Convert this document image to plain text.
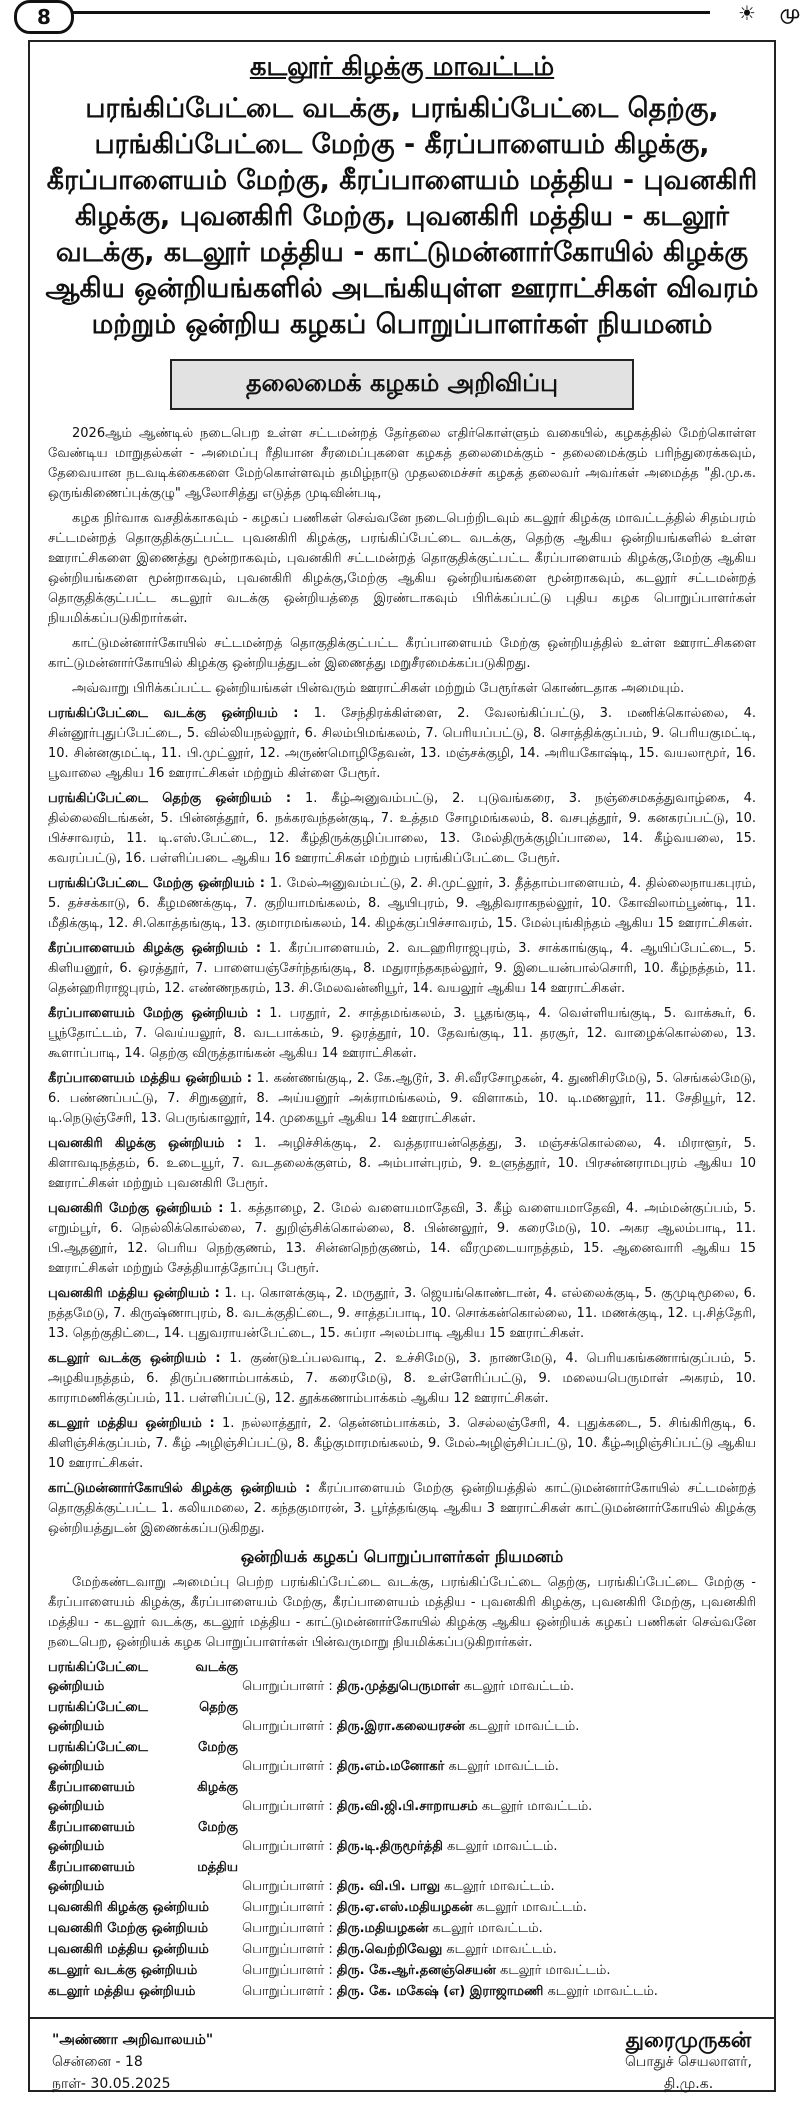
8	☀	மு
கடலூர் கிழக்கு மாவட்டம்
பரங்கிப்பேட்டை வடக்கு, பரங்கிப்பேட்டை தெற்கு, பரங்கிப்பேட்டை மேற்கு - கீரப்பாளையம் கிழக்கு, கீரப்பாளையம் மேற்கு, கீரப்பாளையம் மத்திய - புவனகிரி கிழக்கு, புவனகிரி மேற்கு, புவனகிரி மத்திய - கடலூர் வடக்கு, கடலூர் மத்திய - காட்டுமன்னார்கோயில் கிழக்கு ஆகிய ஒன்றியங்களில் அடங்கியுள்ள ஊராட்சிகள் விவரம் மற்றும் ஒன்றிய கழகப் பொறுப்பாளர்கள் நியமனம்
தலைமைக் கழகம் அறிவிப்பு

2026ஆம் ஆண்டில் நடைபெற உள்ள சட்டமன்றத் தேர்தலை எதிர்கொள்ளும் வகையில், கழகத்தில் மேற்கொள்ள வேண்டிய மாறுதல்கள் - அமைப்பு ரீதியான சீரமைப்புகளை கழகத் தலைமைக்கும் - தலைமைக்கும் பரிந்துரைக்கவும், தேவையான நடவடிக்கைகளை மேற்கொள்ளவும் தமிழ்நாடு முதலமைச்சர் கழகத் தலைவர் அவர்கள் அமைத்த "தி.மு.க. ஒருங்கிணைப்புக்குழு" ஆலோசித்து எடுத்த முடிவின்படி,

கழக நிர்வாக வசதிக்காகவும் - கழகப் பணிகள் செவ்வனே நடைபெற்றிடவும் கடலூர் கிழக்கு மாவட்டத்தில் சிதம்பரம் சட்டமன்றத் தொகுதிக்குட்பட்ட புவனகிரி கிழக்கு, பரங்கிப்பேட்டை வடக்கு, தெற்கு ஆகிய ஒன்றியங்களில் உள்ள ஊராட்சிகளை இணைத்து மூன்றாகவும், புவனகிரி சட்டமன்றத் தொகுதிக்குட்பட்ட கீரப்பாளையம் கிழக்கு,மேற்கு ஆகிய ஒன்றியங்களை மூன்றாகவும், புவனகிரி கிழக்கு,மேற்கு ஆகிய ஒன்றியங்களை மூன்றாகவும், கடலூர் சட்டமன்றத் தொகுதிக்குட்பட்ட கடலூர் வடக்கு ஒன்றியத்தை இரண்டாகவும் பிரிக்கப்பட்டு புதிய கழக பொறுப்பாளர்கள் நியமிக்கப்படுகிறார்கள்.

காட்டுமன்னார்கோயில் சட்டமன்றத் தொகுதிக்குட்பட்ட கீரப்பாளையம் மேற்கு ஒன்றியத்தில் உள்ள ஊராட்சிகளை காட்டுமன்னார்கோயில் கிழக்கு ஒன்றியத்துடன் இணைத்து மறுசீரமைக்கப்படுகிறது.

அவ்வாறு பிரிக்கப்பட்ட ஒன்றியங்கள் பின்வரும் ஊராட்சிகள் மற்றும் பேரூர்கள் கொண்டதாக அமையும்.

பரங்கிப்பேட்டை வடக்கு ஒன்றியம் : 1. சேந்திரக்கிள்ளை, 2. வேலங்கிப்பட்டு, 3. மணிக்கொல்லை, 4. சின்னூர்புதுப்பேட்டை, 5. வில்லியநல்லூர், 6. சிலம்பிமங்கலம், 7. பெரியப்பட்டு, 8. சொத்திக்குப்பம், 9. பெரியகுமட்டி, 10. சின்னகுமட்டி, 11. பி.முட்லூர், 12. அருண்மொழிதேவன், 13. மஞ்சக்குழி, 14. அரியகோஷ்டி, 15. வயலாமூர், 16. பூவாலை ஆகிய 16 ஊராட்சிகள் மற்றும் கிள்ளை பேரூர்.
பரங்கிப்பேட்டை தெற்கு ஒன்றியம் : 1. கீழ்அனுவம்பட்டு, 2. புடுவங்கரை, 3. நஞ்சைமகத்துவாழ்கை, 4. தில்லைவிடங்கன், 5. பின்னத்தூர், 6. நக்கரவந்தன்குடி, 7. உத்தம சோழமங்கலம், 8. வசபுத்தூர், 9. கனகரப்பட்டு, 10. பிச்சாவரம், 11. டி.எஸ்.பேட்டை, 12. கீழ்திருக்குழிப்பாலை, 13. மேல்திருக்குழிப்பாலை, 14. கீழ்வயலை, 15. கவரப்பட்டு, 16. பள்ளிப்படை ஆகிய 16 ஊராட்சிகள் மற்றும் பரங்கிப்பேட்டை பேரூர்.
பரங்கிப்பேட்டை மேற்கு ஒன்றியம் : 1. மேல்அனுவம்பட்டு, 2. சி.முட்லூர், 3. தீத்தாம்பாளையம், 4. தில்லைநாயகபுரம், 5. தச்சக்காடு, 6. கீழமணக்குடி, 7. குறியாமங்கலம், 8. ஆயிபுரம், 9. ஆதிவராகநல்லூர், 10. கோவிலாம்பூண்டி, 11. மீதிக்குடி, 12. சி.கொத்தங்குடி, 13. குமாரமங்கலம், 14. கிழக்குப்பிச்சாவரம், 15. மேல்புங்கிந்தம் ஆகிய 15 ஊராட்சிகள்.
கீரப்பாளையம் கிழக்கு ஒன்றியம் : 1. கீரப்பாளையம், 2. வடஹரிராஜபுரம், 3. சாக்காங்குடி, 4. ஆயிப்பேட்டை, 5. கிளியனூர், 6. ஒரத்தூர், 7. பாளையஞ்சேர்ந்தங்குடி, 8. மதுராந்தகநல்லூர், 9. இடையன்பால்சொரி, 10. கீழ்நத்தம், 11. தென்ஹரிராஜபுரம், 12. எண்ணநகரம், 13. சி.மேலவன்னியூர், 14. வயலூர் ஆகிய 14 ஊராட்சிகள்.
கீரப்பாளையம் மேற்கு ஒன்றியம் : 1. பரதூர், 2. சாத்தமங்கலம், 3. பூதங்குடி, 4. வெள்ளியங்குடி, 5. வாக்கூர், 6. பூந்தோட்டம், 7. வெய்யலூர், 8. வடபாக்கம், 9. ஒரத்தூர், 10. தேவங்குடி, 11. தரசூர், 12. வாழைக்கொல்லை, 13. கூளாப்பாடி, 14. தெற்கு விருத்தாங்கன் ஆகிய 14 ஊராட்சிகள்.
கீரப்பாளையம் மத்திய ஒன்றியம் : 1. கண்ணங்குடி, 2. கே.ஆடூர், 3. சி.வீரசோழகன், 4. துணிசிரமேடு, 5. செங்கல்மேடு, 6. பண்ணப்பட்டு, 7. சிறுகனூர், 8. அய்யனூர் அக்ராமங்கலம், 9. விளாகம், 10. டி.மணலூர், 11. சேதியூர், 12. டி.நெடுஞ்சேரி, 13. பெருங்காலூர், 14. முகையூர் ஆகிய 14 ஊராட்சிகள்.
புவனகிரி கிழக்கு ஒன்றியம் : 1. அழிச்சிக்குடி, 2. வத்தராயன்தெத்து, 3. மஞ்சக்கொல்லை, 4. மிராளூர், 5. கிளாவடிநத்தம், 6. உடையூர், 7. வடதலைக்குளம், 8. அம்பாள்புரம், 9. உளுத்தூர், 10. பிரசன்னராமபுரம் ஆகிய 10 ஊராட்சிகள் மற்றும் புவனகிரி பேரூர்.
புவனகிரி மேற்கு ஒன்றியம் : 1. கத்தாழை, 2. மேல் வளையமாதேவி, 3. கீழ் வளையமாதேவி, 4. அம்மன்குப்பம், 5. எறும்பூர், 6. நெல்லிக்கொல்லை, 7. துறிஞ்சிக்கொல்லை, 8. பின்னலூர், 9. கரைமேடு, 10. அகர ஆலம்பாடி, 11. பி.ஆதனூர், 12. பெரிய நெற்குணம், 13. சின்னநெற்குணம், 14. வீரமுடையாநத்தம், 15. ஆனைவாரி ஆகிய 15 ஊராட்சிகள் மற்றும் சேத்தியாத்தோப்பு பேரூர்.
புவனகிரி மத்திய ஒன்றியம் : 1. பு. கொளக்குடி, 2. மருதூர், 3. ஜெயங்கொண்டான், 4. எல்லைக்குடி, 5. குமுடிமூலை, 6. நத்தமேடு, 7. கிருஷ்ணாபுரம், 8. வடக்குதிட்டை, 9. சாத்தப்பாடி, 10. சொக்கன்கொல்லை, 11. மணக்குடி, 12. பு.சித்தேரி, 13. தெற்குதிட்டை, 14. புதுவராயன்பேட்டை, 15. சுப்ரா அலம்பாடி ஆகிய 15 ஊராட்சிகள்.
கடலூர் வடக்கு ஒன்றியம் : 1. குண்டுஉப்பலவாடி, 2. உச்சிமேடு, 3. நாணமேடு, 4. பெரியகங்கணாங்குப்பம், 5. அழகியநத்தம், 6. திருப்பணாம்பாக்கம், 7. கரைமேடு, 8. உள்ளேரிப்பட்டு, 9. மலையபெருமாள் அகரம், 10. காராமணிக்குப்பம், 11. பள்ளிப்பட்டு, 12. தூக்கணாம்பாக்கம் ஆகிய 12 ஊராட்சிகள்.
கடலூர் மத்திய ஒன்றியம் : 1. நல்லாத்தூர், 2. தென்னம்பாக்கம், 3. செல்லஞ்சேரி, 4. புதுக்கடை, 5. சிங்கிரிகுடி, 6. கிளிஞ்சிக்குப்பம், 7. கீழ் அழிஞ்சிப்பட்டு, 8. கீழ்குமாரமங்கலம், 9. மேல்அழிஞ்சிப்பட்டு, 10. கீழ்அழிஞ்சிப்பட்டு ஆகிய 10 ஊராட்சிகள்.
காட்டுமன்னார்கோயில் கிழக்கு ஒன்றியம் : கீரப்பாளையம் மேற்கு ஒன்றியத்தில் காட்டுமன்னார்கோயில் சட்டமன்றத் தொகுதிக்குட்பட்ட 1. கலியமலை, 2. கந்தகுமாரன், 3. பூர்த்தங்குடி ஆகிய 3 ஊராட்சிகள் காட்டுமன்னார்கோயில் கிழக்கு ஒன்றியத்துடன் இணைக்கப்படுகிறது.
ஒன்றியக் கழகப் பொறுப்பாளர்கள் நியமனம்

மேற்கண்டவாறு அமைப்பு பெற்ற பரங்கிப்பேட்டை வடக்கு, பரங்கிப்பேட்டை தெற்கு, பரங்கிப்பேட்டை மேற்கு - கீரப்பாளையம் கிழக்கு, கீரப்பாளையம் மேற்கு, கீரப்பாளையம் மத்திய - புவனகிரி கிழக்கு, புவனகிரி மேற்கு, புவனகிரி மத்திய - கடலூர் வடக்கு, கடலூர் மத்திய - காட்டுமன்னார்கோயில் கிழக்கு ஆகிய ஒன்றியக் கழகப் பணிகள் செவ்வனே நடைபெற, ஒன்றியக் கழக பொறுப்பாளர்கள் பின்வருமாறு நியமிக்கப்படுகிறார்கள்.

பரங்கிப்பேட்டை வடக்கு ஒன்றியம்	பொறுப்பாளர் : திரு.முத்துபெருமாள் கடலூர் மாவட்டம்.
பரங்கிப்பேட்டை தெற்கு ஒன்றியம்	பொறுப்பாளர் : திரு.இரா.கலையரசன் கடலூர் மாவட்டம்.
பரங்கிப்பேட்டை மேற்கு ஒன்றியம்	பொறுப்பாளர் : திரு.எம்.மனோகர் கடலூர் மாவட்டம்.
கீரப்பாளையம் கிழக்கு ஒன்றியம்	பொறுப்பாளர் : திரு.வி.ஜி.பி.சாறாயசம் கடலூர் மாவட்டம்.
கீரப்பாளையம் மேற்கு ஒன்றியம்	பொறுப்பாளர் : திரு.டி.திருமூர்த்தி கடலூர் மாவட்டம்.
கீரப்பாளையம் மத்திய ஒன்றியம்	பொறுப்பாளர் : திரு. வி.பி. பாலு கடலூர் மாவட்டம்.
புவனகிரி கிழக்கு ஒன்றியம்	பொறுப்பாளர் : திரு.ஏ.எஸ்.மதியழகன் கடலூர் மாவட்டம்.
புவனகிரி மேற்கு ஒன்றியம்	பொறுப்பாளர் : திரு.மதியழகன் கடலூர் மாவட்டம்.
புவனகிரி மத்திய ஒன்றியம்	பொறுப்பாளர் : திரு.வெற்றிவேலு கடலூர் மாவட்டம்.
கடலூர் வடக்கு ஒன்றியம்	பொறுப்பாளர் : திரு. கே.ஆர்.தனஞ்செயன் கடலூர் மாவட்டம்.
கடலூர் மத்திய ஒன்றியம்	பொறுப்பாளர் : திரு. கே. மகேஷ் (எ) இராஜாமணி கடலூர் மாவட்டம்.
"அண்ணா அறிவாலயம்"
சென்னை - 18
நாள்- 30.05.2025
துரைமுருகன்
பொதுச் செயலாளர்,
தி.மு.க.
